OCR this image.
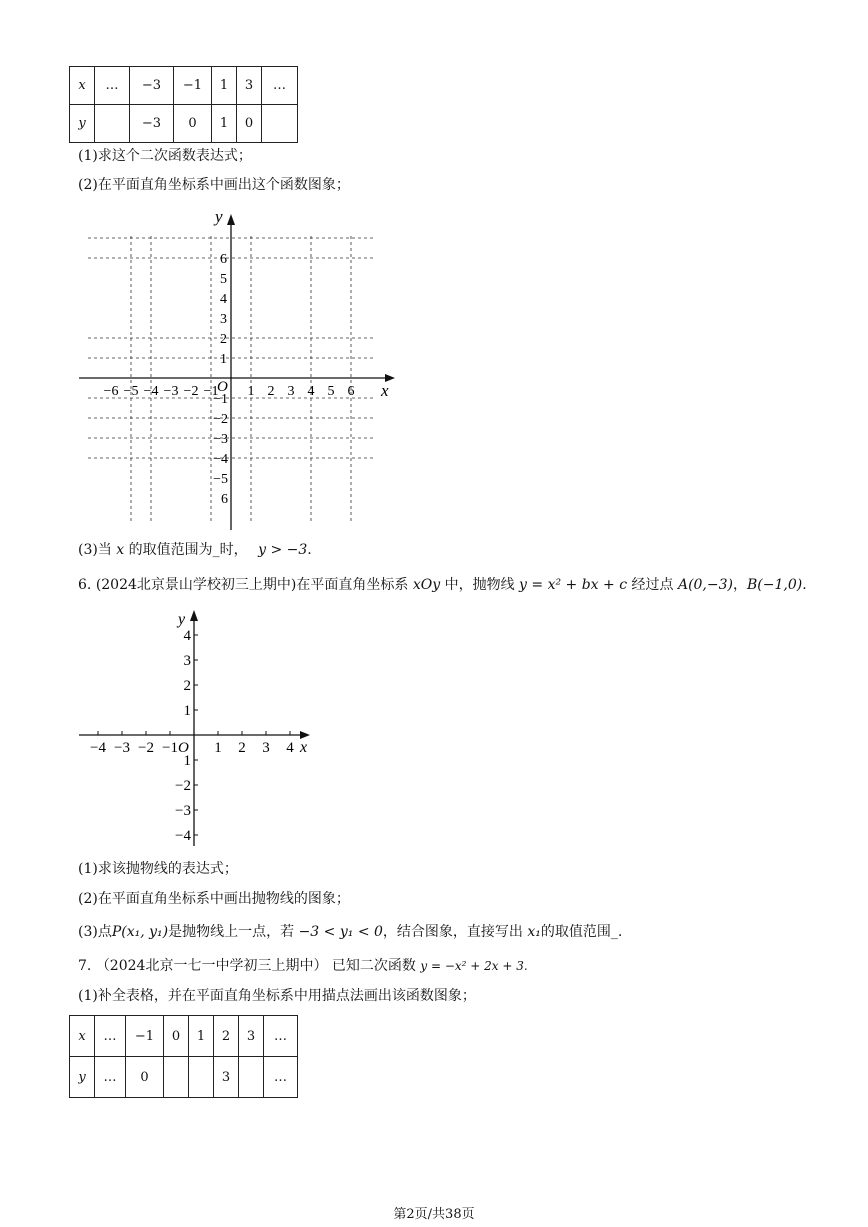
x	…	−3	−1	1	3	…
y		−3	0	1	0	
(1)求这个二次函数表达式；
(2)在平面直角坐标系中画出这个函数图象；
x
y
O
−6 −5 −4 −3 −2 −1 1 2 3 4 5 6
6
5
4
3
2
1
−1
−2
−3
−4
−5
6
(3)当 x 的取值范围为_时， y > −3.
6. (2024北京景山学校初三上期中)在平面直角坐标系 xOy 中，抛物线 y = x² + bx + c 经过点 A(0,−3)，B(−1,0).
x
y
O
−4 −3 −2 −1 1 2 3 4
4
3
2
1
1
−2
−3
−4
(1)求该抛物线的表达式；
(2)在平面直角坐标系中画出抛物线的图象；
(3)点P(x₁, y₁)是抛物线上一点，若 −3 < y₁ < 0，结合图象，直接写出 x₁的取值范围_.
7. （2024北京一七一中学初三上期中） 已知二次函数 y = −x² + 2x + 3.
(1)补全表格，并在平面直角坐标系中用描点法画出该函数图象；
x	…	−1	0	1	2	3	…
y	…	0			3		…
第2页/共38页
